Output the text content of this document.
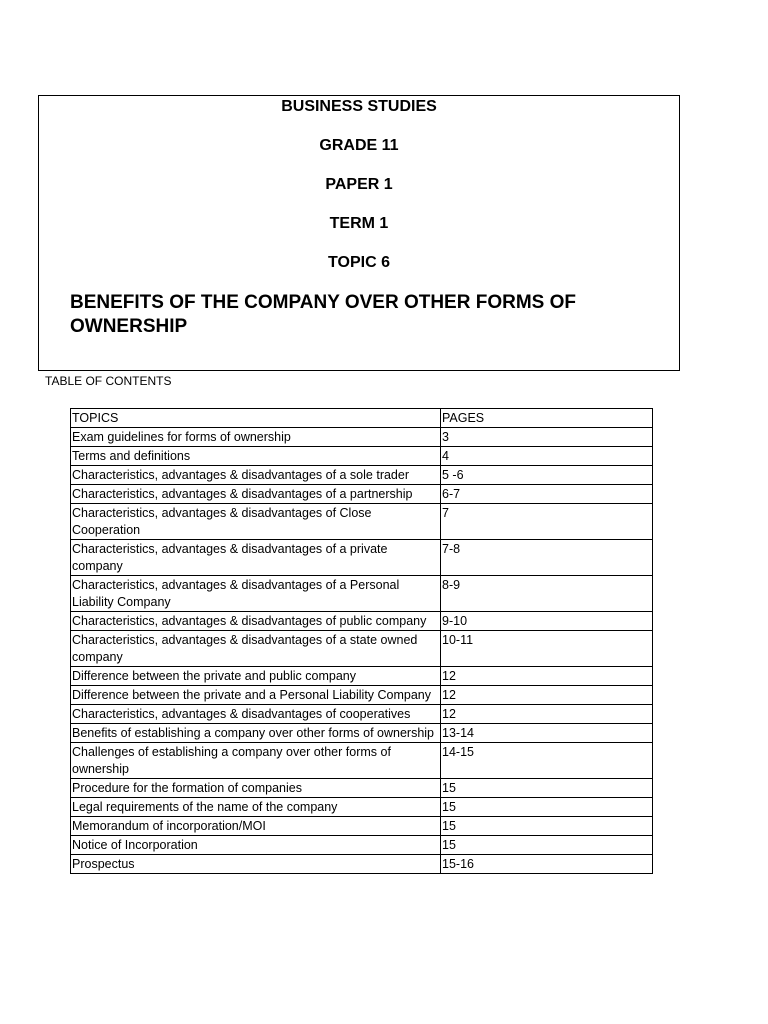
BUSINESS STUDIES
GRADE 11
PAPER 1
TERM 1
TOPIC 6
BENEFITS OF THE COMPANY OVER OTHER FORMS OF OWNERSHIP
TABLE OF CONTENTS
TOPICS	PAGES
Exam guidelines for forms of ownership	3
Terms and definitions	4
Characteristics, advantages & disadvantages of a sole trader	5 -6
Characteristics, advantages & disadvantages of a partnership	6-7
Characteristics, advantages & disadvantages of Close Cooperation	7
Characteristics, advantages & disadvantages of a private company	7-8
Characteristics, advantages & disadvantages of a Personal Liability Company	8-9
Characteristics, advantages & disadvantages of public company	9-10
Characteristics, advantages & disadvantages of a state owned company	10-11
Difference between the private and public company	12
Difference between the private and a Personal Liability Company	12
Characteristics, advantages & disadvantages of cooperatives	12
Benefits of establishing a company over other forms of ownership	13-14
Challenges of establishing a company over other forms of ownership	14-15
Procedure for the formation of companies	15
Legal requirements of the name of the company	15
Memorandum of incorporation/MOI	15
Notice of Incorporation	15
Prospectus	15-16
